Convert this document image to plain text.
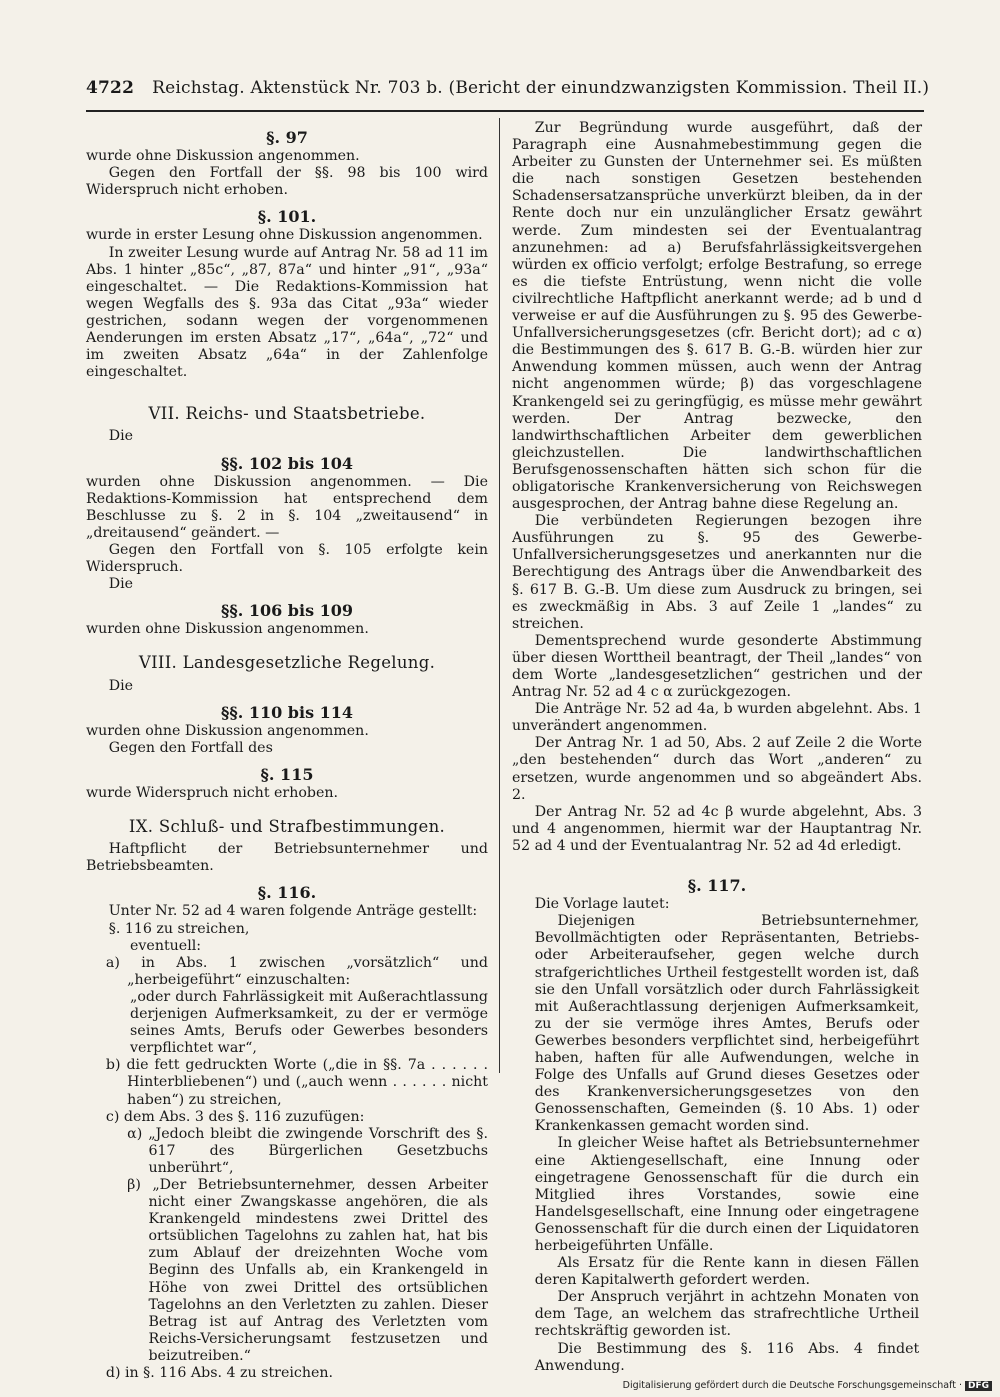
4722 Reichstag. Aktenstück Nr. 703 b. (Bericht der einundzwanzigsten Kommission. Theil II.)
§. 97

wurde ohne Diskussion angenommen.

Gegen den Fortfall der §§. 98 bis 100 wird Widerspruch nicht erhoben.

§. 101.

wurde in erster Lesung ohne Diskussion angenommen.

In zweiter Lesung wurde auf Antrag Nr. 58 ad 11 im Abs. 1 hinter „85c“, „87, 87a“ und hinter „91“, „93a“ eingeschaltet. — Die Redaktions-Kommission hat wegen Wegfalls des §. 93a das Citat „93a“ wieder gestrichen, sodann wegen der vorgenommenen Aenderungen im ersten Absatz „17“, „64a“, „72“ und im zweiten Absatz „64a“ in der Zahlenfolge eingeschaltet.

VII. Reichs- und Staatsbetriebe.

Die

§§. 102 bis 104

wurden ohne Diskussion angenommen. — Die Redaktions-Kommission hat entsprechend dem Beschlusse zu §. 2 in §. 104 „zweitausend“ in „dreitausend“ geändert. —

Gegen den Fortfall von §. 105 erfolgte kein Widerspruch.

Die

§§. 106 bis 109

wurden ohne Diskussion angenommen.

VIII. Landesgesetzliche Regelung.

Die

§§. 110 bis 114

wurden ohne Diskussion angenommen.

Gegen den Fortfall des

§. 115

wurde Widerspruch nicht erhoben.

IX. Schluß- und Strafbestimmungen.

Haftpflicht der Betriebsunternehmer und Betriebsbeamten.

§. 116.

Unter Nr. 52 ad 4 waren folgende Anträge gestellt:

§. 116 zu streichen,

eventuell:

a) in Abs. 1 zwischen „vorsätzlich“ und „herbeigeführt“ einzuschalten:

„oder durch Fahrlässigkeit mit Außerachtlassung derjenigen Aufmerksamkeit, zu der er vermöge seines Amts, Berufs oder Gewerbes besonders verpflichtet war“,

b) die fett gedruckten Worte („die in §§. 7a . . . . . . Hinterbliebenen“) und („auch wenn . . . . . . nicht haben“) zu streichen,

c) dem Abs. 3 des §. 116 zuzufügen:

α) „Jedoch bleibt die zwingende Vorschrift des §. 617 des Bürgerlichen Gesetzbuchs unberührt“,

β) „Der Betriebsunternehmer, dessen Arbeiter nicht einer Zwangskasse angehören, die als Krankengeld mindestens zwei Drittel des ortsüblichen Tagelohns zu zahlen hat, hat bis zum Ablauf der dreizehnten Woche vom Beginn des Unfalls ab, ein Krankengeld in Höhe von zwei Drittel des ortsüblichen Tagelohns an den Verletzten zu zahlen. Dieser Betrag ist auf Antrag des Verletzten vom Reichs-Versicherungsamt festzusetzen und beizutreiben.“

d) in §. 116 Abs. 4 zu streichen.

Zur Begründung wurde ausgeführt, daß der Paragraph eine Ausnahmebestimmung gegen die Arbeiter zu Gunsten der Unternehmer sei. Es müßten die nach sonstigen Gesetzen bestehenden Schadensersatzansprüche unverkürzt bleiben, da in der Rente doch nur ein unzulänglicher Ersatz gewährt werde. Zum mindesten sei der Eventualantrag anzunehmen: ad a) Berufsfahrlässigkeitsvergehen würden ex officio verfolgt; erfolge Bestrafung, so errege es die tiefste Entrüstung, wenn nicht die volle civilrechtliche Haftpflicht anerkannt werde; ad b und d verweise er auf die Ausführungen zu §. 95 des Gewerbe-Unfallversicherungsgesetzes (cfr. Bericht dort); ad c α) die Bestimmungen des §. 617 B. G.-B. würden hier zur Anwendung kommen müssen, auch wenn der Antrag nicht angenommen würde; β) das vorgeschlagene Krankengeld sei zu geringfügig, es müsse mehr gewährt werden. Der Antrag bezwecke, den landwirthschaftlichen Arbeiter dem gewerblichen gleichzustellen. Die landwirthschaftlichen Berufsgenossenschaften hätten sich schon für die obligatorische Krankenversicherung von Reichswegen ausgesprochen, der Antrag bahne diese Regelung an.

Die verbündeten Regierungen bezogen ihre Ausführungen zu §. 95 des Gewerbe-Unfallversicherungsgesetzes und anerkannten nur die Berechtigung des Antrags über die Anwendbarkeit des §. 617 B. G.-B. Um diese zum Ausdruck zu bringen, sei es zweckmäßig in Abs. 3 auf Zeile 1 „landes“ zu streichen.

Dementsprechend wurde gesonderte Abstimmung über diesen Worttheil beantragt, der Theil „landes“ von dem Worte „landesgesetzlichen“ gestrichen und der Antrag Nr. 52 ad 4 c α zurückgezogen.

Die Anträge Nr. 52 ad 4a, b wurden abgelehnt. Abs. 1 unverändert angenommen.

Der Antrag Nr. 1 ad 50, Abs. 2 auf Zeile 2 die Worte „den bestehenden“ durch das Wort „anderen“ zu ersetzen, wurde angenommen und so abgeändert Abs. 2.

Der Antrag Nr. 52 ad 4c β wurde abgelehnt, Abs. 3 und 4 angenommen, hiermit war der Hauptantrag Nr. 52 ad 4 und der Eventualantrag Nr. 52 ad 4d erledigt.

§. 117.

Die Vorlage lautet:

Diejenigen Betriebsunternehmer, Bevollmächtigten oder Repräsentanten, Betriebs- oder Arbeiteraufseher, gegen welche durch strafgerichtliches Urtheil festgestellt worden ist, daß sie den Unfall vorsätzlich oder durch Fahrlässigkeit mit Außerachtlassung derjenigen Aufmerksamkeit, zu der sie vermöge ihres Amtes, Berufs oder Gewerbes besonders verpflichtet sind, herbeigeführt haben, haften für alle Aufwendungen, welche in Folge des Unfalls auf Grund dieses Gesetzes oder des Krankenversicherungsgesetzes von den Genossenschaften, Gemeinden (§. 10 Abs. 1) oder Krankenkassen gemacht worden sind.

In gleicher Weise haftet als Betriebsunternehmer eine Aktiengesellschaft, eine Innung oder eingetragene Genossenschaft für die durch ein Mitglied ihres Vorstandes, sowie eine Handelsgesellschaft, eine Innung oder eingetragene Genossenschaft für die durch einen der Liquidatoren herbeigeführten Unfälle.

Als Ersatz für die Rente kann in diesen Fällen deren Kapitalwerth gefordert werden.

Der Anspruch verjährt in achtzehn Monaten von dem Tage, an welchem das strafrechtliche Urtheil rechtskräftig geworden ist.

Die Bestimmung des §. 116 Abs. 4 findet Anwendung.

Digitalisierung gefördert durch die Deutsche Forschungsgemeinschaft · DFG
